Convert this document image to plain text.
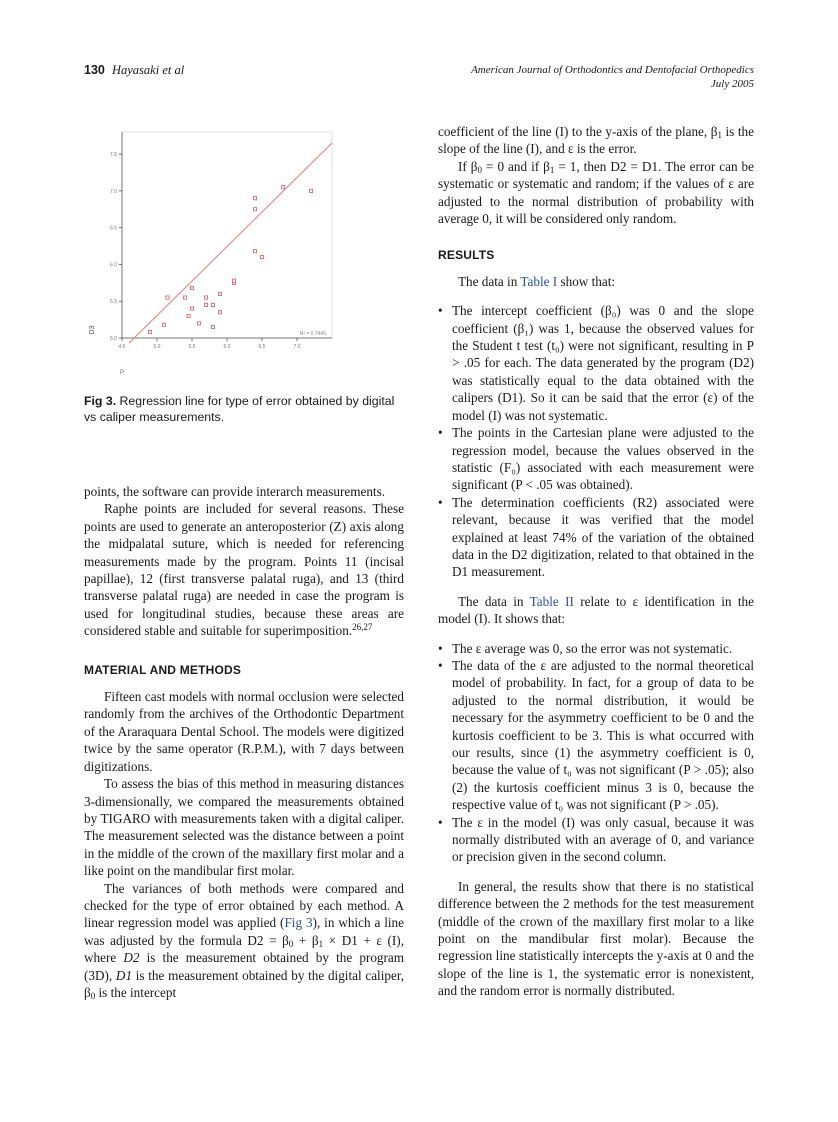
130 Hayasaki et al	American Journal of Orthodontics and Dentofacial Orthopedics
July 2005
5.0
5.5
6.0
6.5
7.0
7.5
4.5	5.0	5.5	6.0	6.5	7.0
R² = 0.7445
P
D3
Fig 3. Regression line for type of error obtained by digital vs caliper measurements.

points, the software can provide interarch measurements.

Raphe points are included for several reasons. These points are used to generate an anteroposterior (Z) axis along the midpalatal suture, which is needed for referencing measurements made by the program. Points 11 (incisal papillae), 12 (first transverse palatal ruga), and 13 (third transverse palatal ruga) are needed in case the program is used for longitudinal studies, because these areas are considered stable and suitable for superimposition.$^{26,27}$

MATERIAL AND METHODS

Fifteen cast models with normal occlusion were selected randomly from the archives of the Orthodontic Department of the Araraquara Dental School. The models were digitized twice by the same operator (R.P.M.), with 7 days between digitizations.

To assess the bias of this method in measuring distances 3-dimensionally, we compared the measurements obtained by TIGARO with measurements taken with a digital caliper. The measurement selected was the distance between a point in the middle of the crown of the maxillary first molar and a like point on the mandibular first molar.

The variances of both methods were compared and checked for the type of error obtained by each method. A linear regression model was applied (Fig 3), in which a line was adjusted by the formula $D2 = \beta_0 + \beta_1 \times D1 + \varepsilon$ (I), where D2 is the measurement obtained by the program (3D), D1 is the measurement obtained by the digital caliper, $\beta_0$ is the intercept

coefficient of the line (I) to the y-axis of the plane, $\beta_1$ is the slope of the line (I), and ε is the error.

If $\beta_0 = 0$ and if $\beta_1 = 1$, then D2 = D1. The error can be systematic or systematic and random; if the values of ε are adjusted to the normal distribution of probability with average 0, it will be considered only random.

RESULTS

The data in Table I show that:

• The intercept coefficient (β₀) was 0 and the slope coefficient (β₁) was 1, because the observed values for the Student t test (t₀) were not significant, resulting in P > .05 for each. The data generated by the program (D2) was statistically equal to the data obtained with the calipers (D1). So it can be said that the error (ε) of the model (I) was not systematic.

• The points in the Cartesian plane were adjusted to the regression model, because the values observed in the statistic (F₀) associated with each measurement were significant (P < .05 was obtained).

• The determination coefficients (R2) associated were relevant, because it was verified that the model explained at least 74% of the variation of the obtained data in the D2 digitization, related to that obtained in the D1 measurement.

The data in Table II relate to ε identification in the model (I). It shows that:

• The ε average was 0, so the error was not systematic.

• The data of the ε are adjusted to the normal theoretical model of probability. In fact, for a group of data to be adjusted to the normal distribution, it would be necessary for the asymmetry coefficient to be 0 and the kurtosis coefficient to be 3. This is what occurred with our results, since (1) the asymmetry coefficient is 0, because the value of t₀ was not significant (P > .05); also (2) the kurtosis coefficient minus 3 is 0, because the respective value of t₀ was not significant (P > .05).

• The ε in the model (I) was only casual, because it was normally distributed with an average of 0, and variance or precision given in the second column.

In general, the results show that there is no statistical difference between the 2 methods for the test measurement (middle of the crown of the maxillary first molar to a like point on the mandibular first molar). Because the regression line statistically intercepts the y-axis at 0 and the slope of the line is 1, the systematic error is nonexistent, and the random error is normally distributed.
